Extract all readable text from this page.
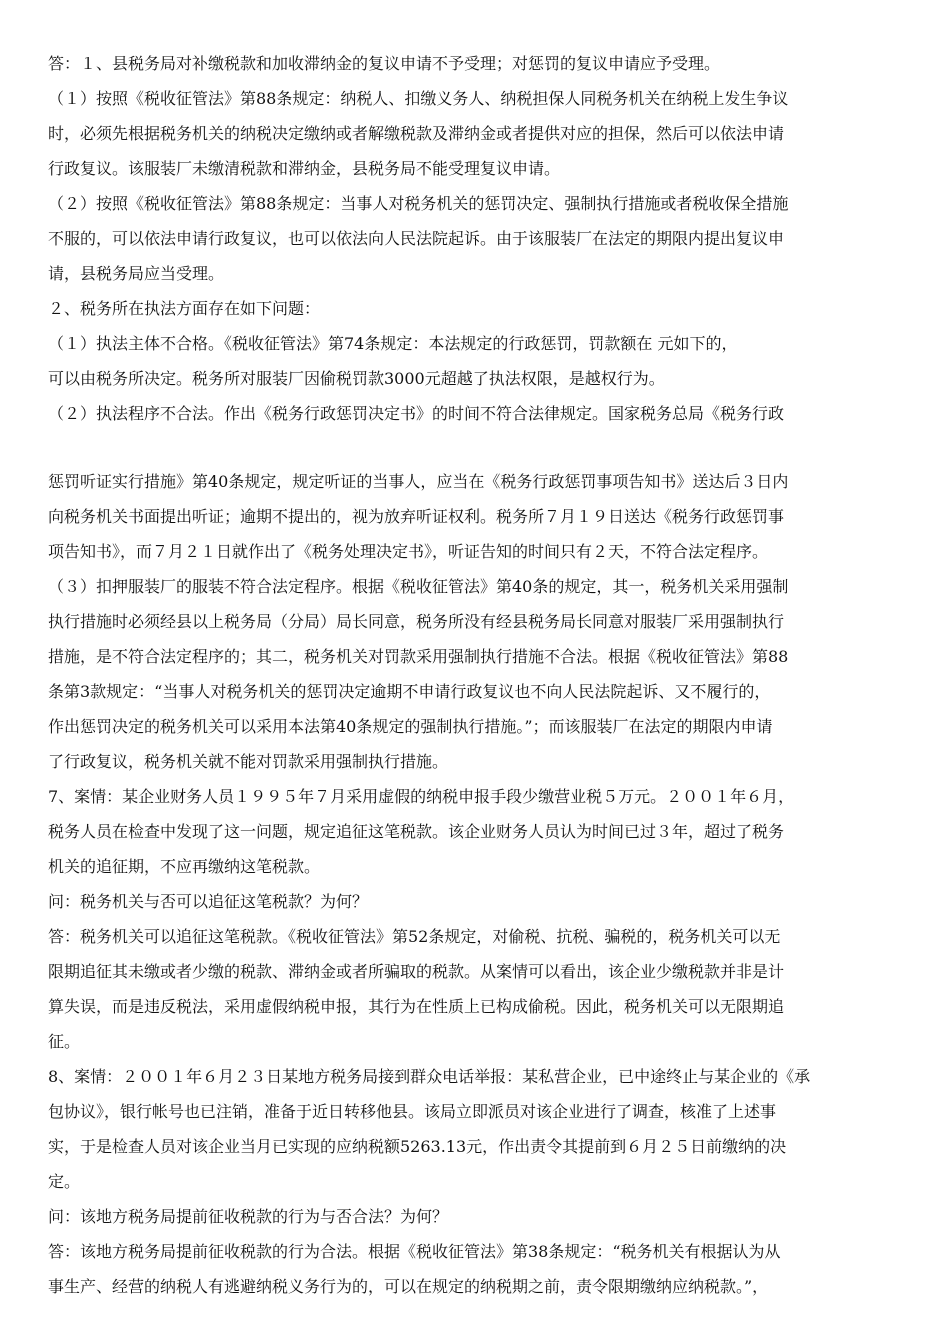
答：１、县税务局对补缴税款和加收滞纳金的复议申请不予受理；对惩罚的复议申请应予受理。
（１）按照《税收征管法》第88条规定：纳税人、扣缴义务人、纳税担保人同税务机关在纳税上发生争议
时，必须先根据税务机关的纳税决定缴纳或者解缴税款及滞纳金或者提供对应的担保，然后可以依法申请
行政复议。该服装厂未缴清税款和滞纳金，县税务局不能受理复议申请。
（２）按照《税收征管法》第88条规定：当事人对税务机关的惩罚决定、强制执行措施或者税收保全措施
不服的，可以依法申请行政复议，也可以依法向人民法院起诉。由于该服装厂在法定的期限内提出复议申
请，县税务局应当受理。
２、税务所在执法方面存在如下问题：
（１）执法主体不合格。《税收征管法》第74条规定：本法规定的行政惩罚，罚款额在 元如下的，
可以由税务所决定。税务所对服装厂因偷税罚款3000元超越了执法权限，是越权行为。
（２）执法程序不合法。作出《税务行政惩罚决定书》的时间不符合法律规定。国家税务总局《税务行政
惩罚听证实行措施》第40条规定，规定听证的当事人，应当在《税务行政惩罚事项告知书》送达后３日内
向税务机关书面提出听证；逾期不提出的，视为放弃听证权利。税务所７月１９日送达《税务行政惩罚事
项告知书》，而７月２１日就作出了《税务处理决定书》，听证告知的时间只有２天，不符合法定程序。
（３）扣押服装厂的服装不符合法定程序。根据《税收征管法》第40条的规定，其一，税务机关采用强制
执行措施时必须经县以上税务局（分局）局长同意，税务所没有经县税务局长同意对服装厂采用强制执行
措施，是不符合法定程序的；其二，税务机关对罚款采用强制执行措施不合法。根据《税收征管法》第88
条第3款规定：“当事人对税务机关的惩罚决定逾期不申请行政复议也不向人民法院起诉、又不履行的，
作出惩罚决定的税务机关可以采用本法第40条规定的强制执行措施。”；而该服装厂在法定的期限内申请
了行政复议，税务机关就不能对罚款采用强制执行措施。
7、案情：某企业财务人员１９９５年７月采用虚假的纳税申报手段少缴营业税５万元。２００１年６月，
税务人员在检查中发现了这一问题，规定追征这笔税款。该企业财务人员认为时间已过３年，超过了税务
机关的追征期，不应再缴纳这笔税款。
问：税务机关与否可以追征这笔税款？为何？
答：税务机关可以追征这笔税款。《税收征管法》第52条规定，对偷税、抗税、骗税的，税务机关可以无
限期追征其未缴或者少缴的税款、滞纳金或者所骗取的税款。从案情可以看出，该企业少缴税款并非是计
算失误，而是违反税法，采用虚假纳税申报，其行为在性质上已构成偷税。因此，税务机关可以无限期追
征。
8、案情：２００１年６月２３日某地方税务局接到群众电话举报：某私营企业，已中途终止与某企业的《承
包协议》，银行帐号也已注销，准备于近日转移他县。该局立即派员对该企业进行了调查，核准了上述事
实，于是检查人员对该企业当月已实现的应纳税额5263.13元，作出责令其提前到６月２５日前缴纳的决
定。
问：该地方税务局提前征收税款的行为与否合法？为何？
答：该地方税务局提前征收税款的行为合法。根据《税收征管法》第38条规定：“税务机关有根据认为从
事生产、经营的纳税人有逃避纳税义务行为的，可以在规定的纳税期之前，责令限期缴纳应纳税款。”，
